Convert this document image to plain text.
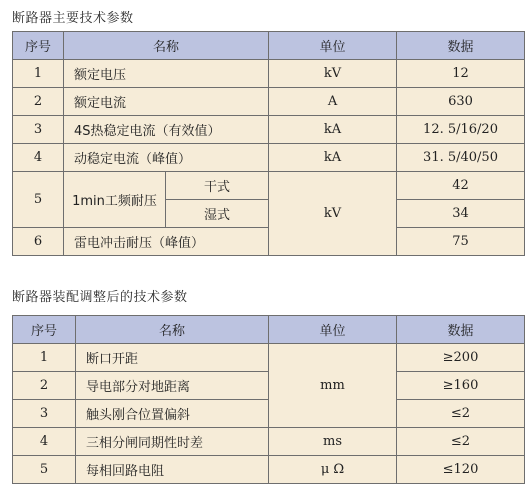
断路器主要技术参数
序号	名称		单位	数据
1	额定电压		kV	12
2	额定电流		A	630
3	4S热稳定电流（有效值）		kA	12. 5/16/20
4	动稳定电流（峰值）		kA	31. 5/40/50
5	1min工频耐压	干式	kV	42
		湿式		34
6	雷电冲击耐压（峰值）			75
断路器装配调整后的技术参数
序号	名称	单位	数据
1	断口开距	mm	≥200
2	导电部分对地距离		≥160
3	触头刚合位置偏斜		≤2
4	三相分闸同期性时差	ms	≤2
5	每相回路电阻	μ Ω	≤120
